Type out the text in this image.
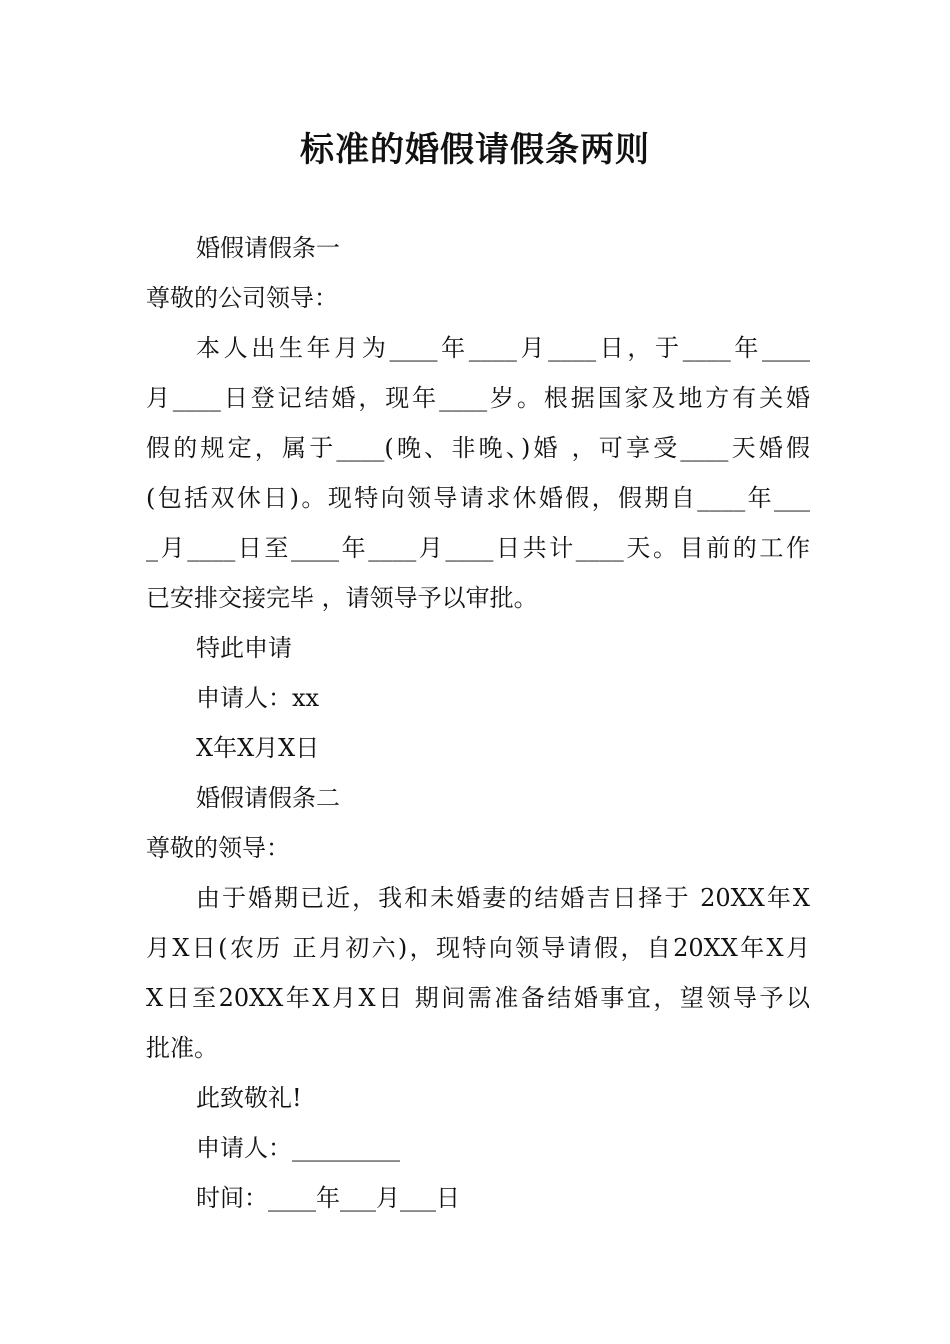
标准的婚假请假条两则
婚假请假条一
尊敬的公司领导：
本人出生年月为____年____月____日，于____年____
月____日登记结婚，现年____岁。根据国家及地方有关婚
假的规定，属于____(晚、非晚、)婚 ，可享受____天婚假
(包括双休日)。现特向领导请求休婚假，假期自____年___
_月____日至____年____月____日共计____天。目前的工作
已安排交接完毕 ，请领导予以审批。
特此申请
申请人：xx
X年X月X日
婚假请假条二
尊敬的领导：
由于婚期已近，我和未婚妻的结婚吉日择于 20XX年X
月X日(农历 正月初六)，现特向领导请假，自20XX年X月
X日至20XX年X月X日 期间需准备结婚事宜，望领导予以
批准。
此致敬礼!
申请人：_________
时间：____年___月___日
